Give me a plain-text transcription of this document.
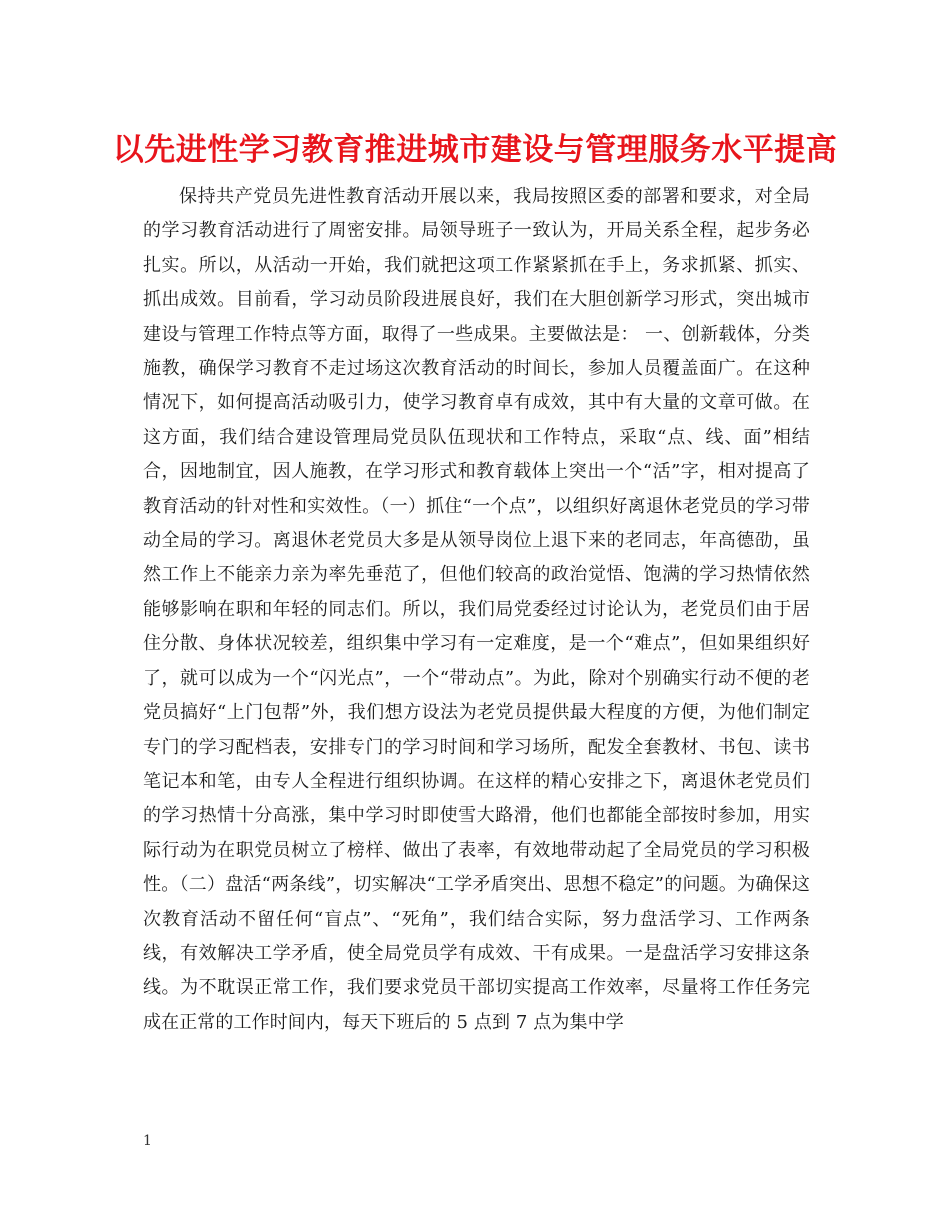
以先进性学习教育推进城市建设与管理服务水平提高

保持共产党员先进性教育活动开展以来，我局按照区委的部署和要求，对全局的学习教育活动进行了周密安排。局领导班子一致认为，开局关系全程，起步务必扎实。所以，从活动一开始，我们就把这项工作紧紧抓在手上，务求抓紧、抓实、抓出成效。目前看，学习动员阶段进展良好，我们在大胆创新学习形式，突出城市建设与管理工作特点等方面，取得了一些成果。主要做法是： 一、创新载体，分类施教，确保学习教育不走过场这次教育活动的时间长，参加人员覆盖面广。在这种情况下，如何提高活动吸引力，使学习教育卓有成效，其中有大量的文章可做。在这方面，我们结合建设管理局党员队伍现状和工作特点，采取“点、线、面”相结合，因地制宜，因人施教，在学习形式和教育载体上突出一个“活”字，相对提高了教育活动的针对性和实效性。（一）抓住“一个点”，以组织好离退休老党员的学习带动全局的学习。离退休老党员大多是从领导岗位上退下来的老同志，年高德劭，虽然工作上不能亲力亲为率先垂范了，但他们较高的政治觉悟、饱满的学习热情依然能够影响在职和年轻的同志们。所以，我们局党委经过讨论认为，老党员们由于居住分散、身体状况较差，组织集中学习有一定难度，是一个“难点”，但如果组织好了，就可以成为一个“闪光点”，一个“带动点”。为此，除对个别确实行动不便的老党员搞好“上门包帮”外，我们想方设法为老党员提供最大程度的方便，为他们制定专门的学习配档表，安排专门的学习时间和学习场所，配发全套教材、书包、读书笔记本和笔，由专人全程进行组织协调。在这样的精心安排之下，离退休老党员们的学习热情十分高涨，集中学习时即使雪大路滑，他们也都能全部按时参加，用实际行动为在职党员树立了榜样、做出了表率，有效地带动起了全局党员的学习积极性。（二）盘活“两条线”，切实解决“工学矛盾突出、思想不稳定”的问题。为确保这次教育活动不留任何“盲点”、“死角”，我们结合实际，努力盘活学习、工作两条线，有效解决工学矛盾，使全局党员学有成效、干有成果。一是盘活学习安排这条线。为不耽误正常工作，我们要求党员干部切实提高工作效率，尽量将工作任务完成在正常的工作时间内，每天下班后的 5 点到 7 点为集中学

1
